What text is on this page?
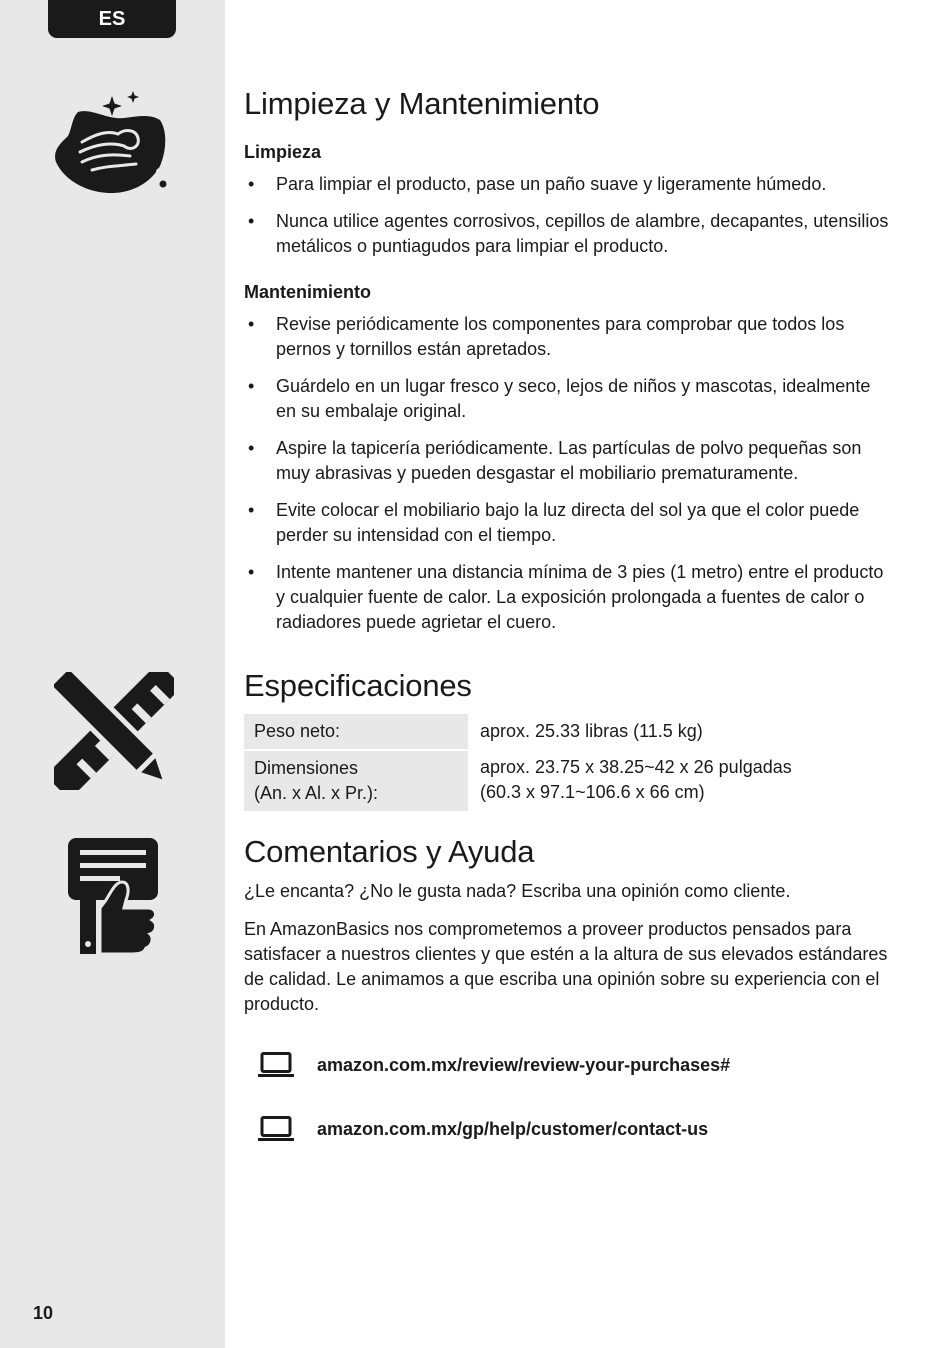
ES
10
Limpieza y Mantenimiento
Limpieza
• Para limpiar el producto, pase un paño suave y ligeramente húmedo.
• Nunca utilice agentes corrosivos, cepillos de alambre, decapantes, utensilios metálicos o puntiagudos para limpiar el producto.
Mantenimiento
• Revise periódicamente los componentes para comprobar que todos los pernos y tornillos están apretados.
• Guárdelo en un lugar fresco y seco, lejos de niños y mascotas, idealmente en su embalaje original.
• Aspire la tapicería periódicamente. Las partículas de polvo pequeñas son muy abrasivas y pueden desgastar el mobiliario prematuramente.
• Evite colocar el mobiliario bajo la luz directa del sol ya que el color puede perder su intensidad con el tiempo.
• Intente mantener una distancia mínima de 3 pies (1 metro) entre el producto y cualquier fuente de calor. La exposición prolongada a fuentes de calor o radiadores puede agrietar el cuero.
Especificaciones
Peso neto:	aprox. 25.33 libras (11.5 kg)
Dimensiones
(An. x Al. x Pr.):	aprox. 23.75 x 38.25~42 x 26 pulgadas
(60.3 x 97.1~106.6 x 66 cm)
Comentarios y Ayuda

¿Le encanta? ¿No le gusta nada? Escriba una opinión como cliente.

En AmazonBasics nos comprometemos a proveer productos pensados para satisfacer a nuestros clientes y que estén a la altura de sus elevados estándares de calidad. Le animamos a que escriba una opinión sobre su experiencia con el producto.

amazon.com.mx/review/review-your-purchases#
amazon.com.mx/gp/help/customer/contact-us
